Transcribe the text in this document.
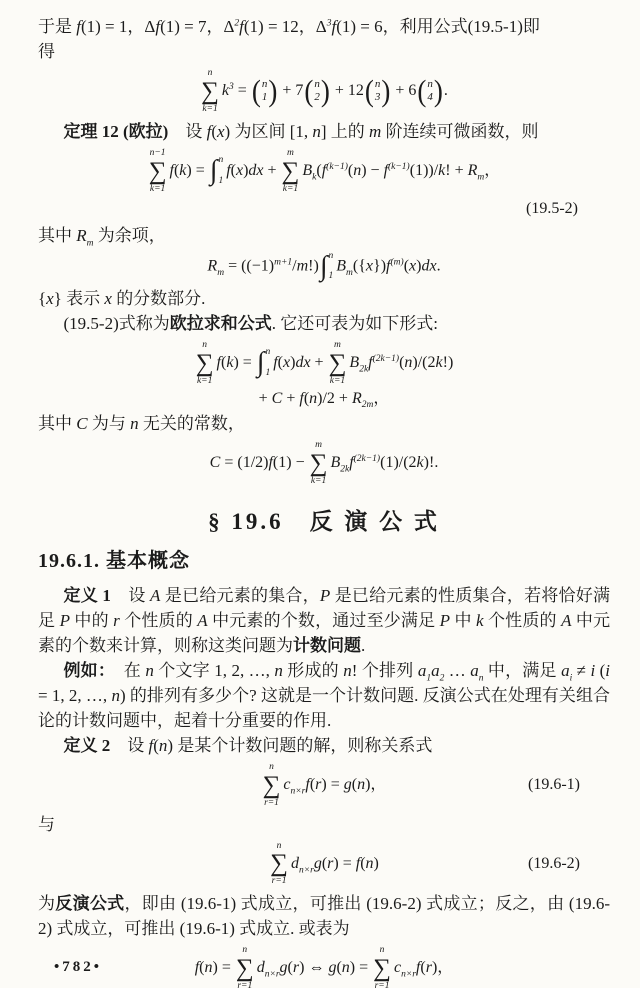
于是 f(1) = 1，Δf(1) = 7，$\Delta^2f(1) = 12$，$\Delta^3f(1) = 6$，利用公式(19.5-1)即
得

n
∑
k=1
$k^3$ = ( n
1 ) + 7 ( n
2 ) + 12 ( n
3 ) + 6 ( n
4 ) .

定理 12 (欧拉)　设 f(x) 为区间 [1, n] 上的 m 阶连续可微函数，则

n−1
∑
k=1
f(k) = ∫ n
1
f(x)dx +
m
∑
k=1
$B_k(f^{(k-1)}(n) - f^{(k-1)}(1))/k$! + $R_m$，
(19.5-2)

其中 $R_m$ 为余项，

$R_m = ((-1)^{m+1}/m!)$ ∫ n
1
$B_m(\{x\})f^{(m)}(x)dx$.

{x} 表示 x 的分数部分.

(19.5-2)式称为欧拉求和公式. 它还可表为如下形式:

n
∑
k=1
f(k) = ∫ n
1
f(x)dx +
m
∑
k=1
$B_{2k}f^{(2k-1)}(n)/(2k!)$
+ $C + f(n)/2 + R_{2m}$，

其中 C 为与 n 无关的常数，

C = (1/2)f(1) −
m
∑
k=1
$B_{2k}f^{(2k-1)}(1)/(2k)$!.
§ 19.6　反 演 公 式
19.6.1. 基本概念

定义 1　设 A 是已给元素的集合，P 是已给元素的性质集合，若将恰好满足 P 中的 r 个性质的 A 中元素的个数，通过至少满足 P 中 k 个性质的 A 中元素的个数来计算，则称这类问题为计数问题.

例如：　在 n 个文字 1, 2, …, n 形成的 n! 个排列 $a_1a_2$ … $a_n$ 中，满足 $a_i \ne i$ (i = 1, 2, …, n) 的排列有多少个? 这就是一个计数问题. 反演公式在处理有关组合论的计数问题中，起着十分重要的作用.

定义 2　设 f(n) 是某个计数问题的解，则称关系式

n
∑
r=1
$c_{n\times r}f(r) = g(n)$，	(19.6-1)

与

n
∑
r=1
$d_{n\times r}g(r) = f(n)$	(19.6-2)

为反演公式，即由 (19.6-1) 式成立，可推出 (19.6-2) 式成立；反之，由 (19.6-2) 式成立，可推出 (19.6-1) 式成立. 或表为

f(n) =
n
∑
r=1
$d_{n\times r}g(r)$ ⇔ g(n) =
n
∑
r=1
$c_{n\times r}f(r)$，
•782•
